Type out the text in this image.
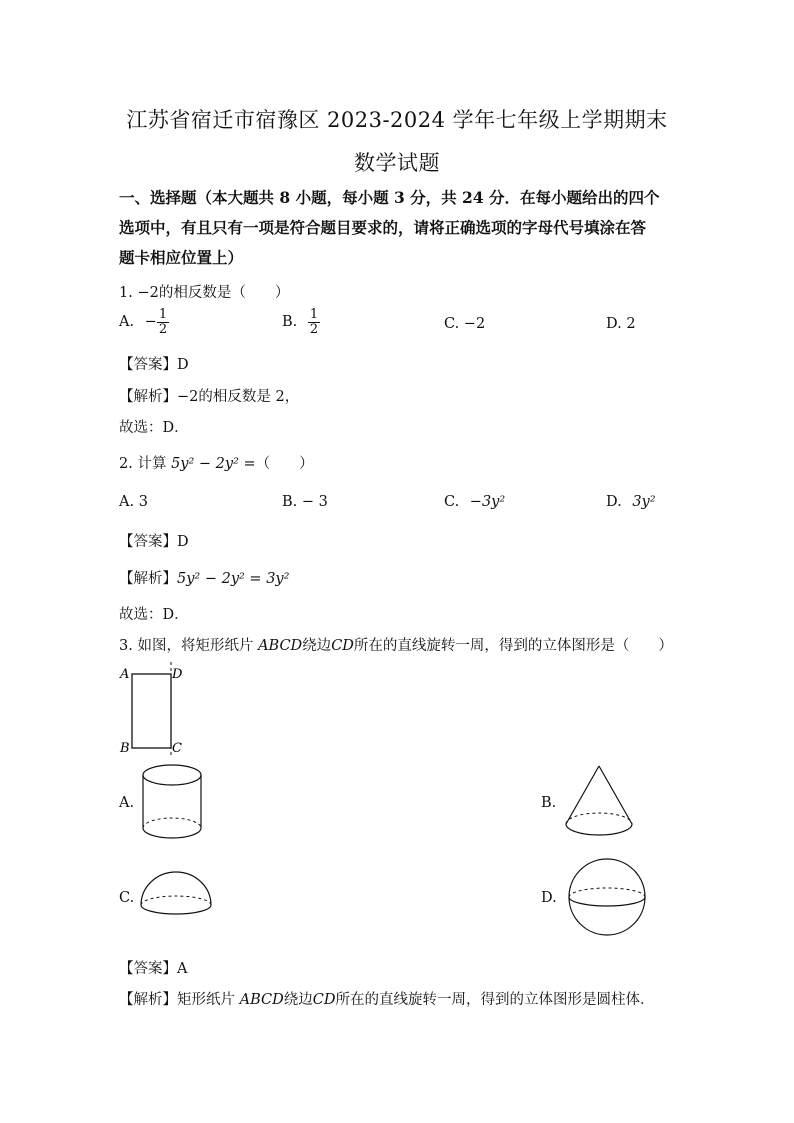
江苏省宿迁市宿豫区 2023-2024 学年七年级上学期期末
数学试题
一、选择题（本大题共 8 小题，每小题 3 分，共 24 分．在每小题给出的四个
选项中，有且只有一项是符合题目要求的，请将正确选项的字母代号填涂在答
题卡相应位置上）
1. −2的相反数是（　　）
A. − $\frac{1}{2}$	B. $\frac{1}{2}$	C. −2	D. 2
【答案】D
【解析】−2的相反数是 2，
故选：D．
2. 计算 5y² − 2y² =（　　）
A. 3	B. − 3	C. −3y²	D. 3y²
【答案】D
【解析】5y² − 2y² = 3y²
故选：D．
3. 如图，将矩形纸片 ABCD绕边CD所在的直线旋转一周，得到的立体图形是（　　）
A
B	C
D
A.	B.
C.	D.
【答案】A
【解析】矩形纸片 ABCD绕边CD所在的直线旋转一周，得到的立体图形是圆柱体．
